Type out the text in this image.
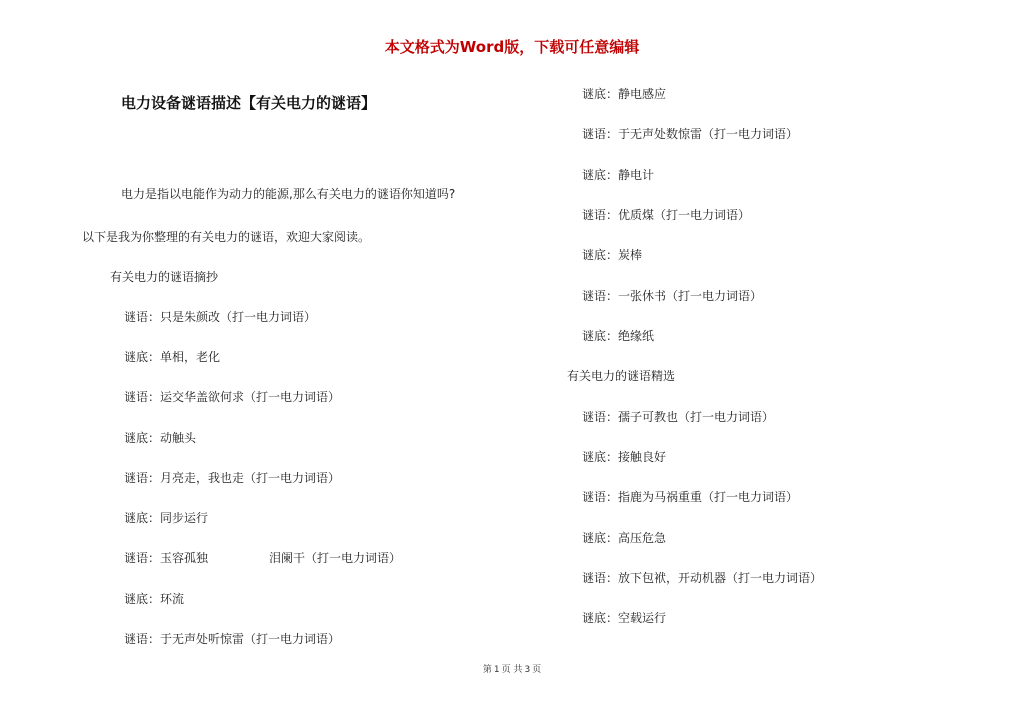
本文格式为Word版，下载可任意编辑
电力设备谜语描述【有关电力的谜语】
电力是指以电能作为动力的能源,那么有关电力的谜语你知道吗?
以下是我为你整理的有关电力的谜语，欢迎大家阅读。
有关电力的谜语摘抄
谜语：只是朱颜改（打一电力词语）
谜底：单相，老化
谜语：运交华盖欲何求（打一电力词语）
谜底：动触头
谜语：月亮走，我也走（打一电力词语）
谜底：同步运行
谜语：玉容孤独                泪阑干（打一电力词语）
谜底：环流
谜语：于无声处听惊雷（打一电力词语）
谜底：静电感应
谜语：于无声处数惊雷（打一电力词语）
谜底：静电计
谜语：优质煤（打一电力词语）
谜底：炭棒
谜语：一张休书（打一电力词语）
谜底：绝缘纸
有关电力的谜语精选
谜语：孺子可教也（打一电力词语）
谜底：接触良好
谜语：指鹿为马祸重重（打一电力词语）
谜底：高压危急
谜语：放下包袱，开动机器（打一电力词语）
谜底：空载运行
第 1 页 共 3 页
